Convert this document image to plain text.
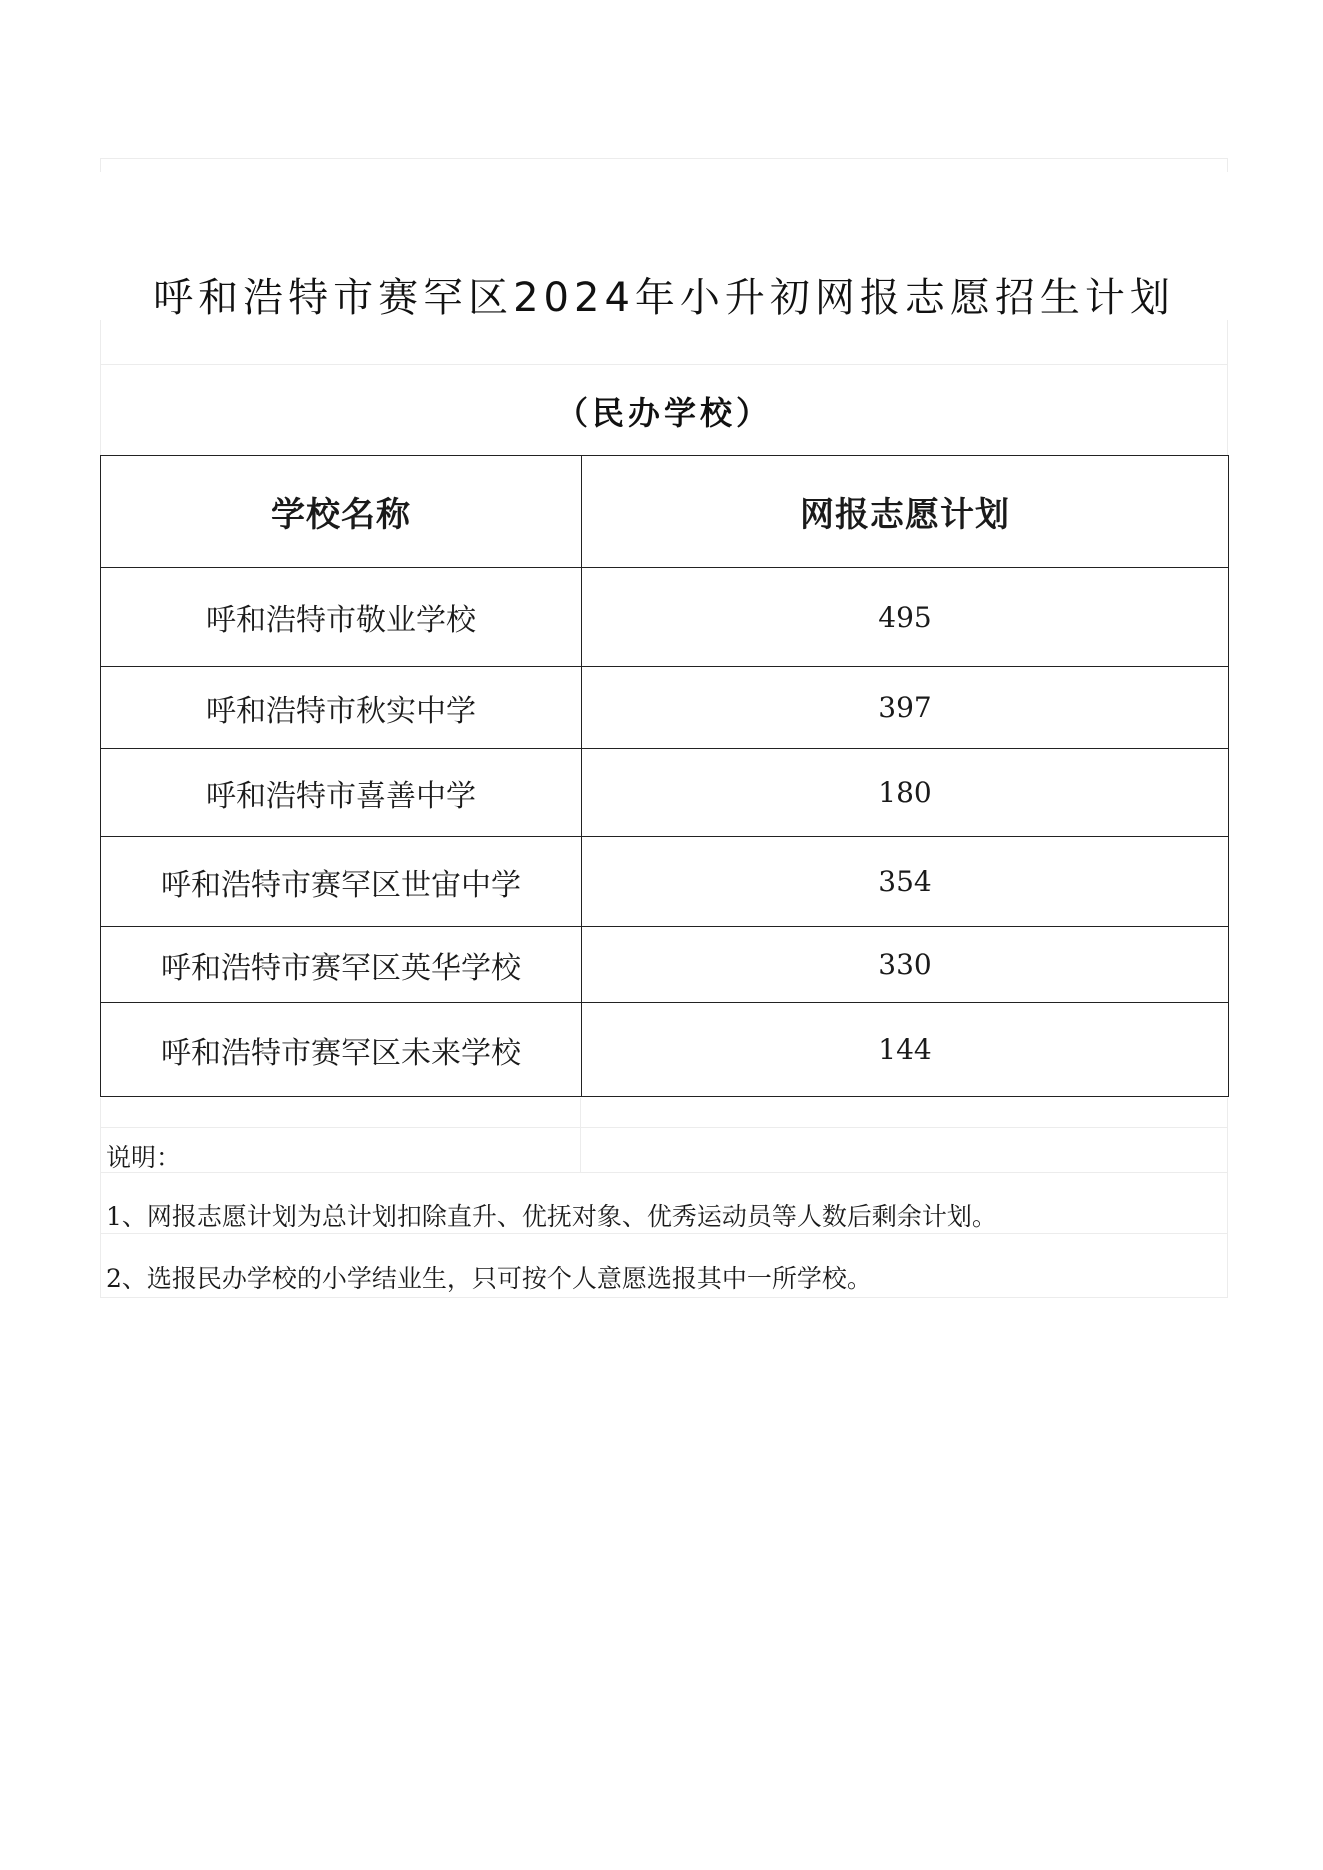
呼和浩特市赛罕区2024年小升初网报志愿招生计划
（民办学校）
学校名称	网报志愿计划
呼和浩特市敬业学校	495
呼和浩特市秋实中学	397
呼和浩特市喜善中学	180
呼和浩特市赛罕区世宙中学	354
呼和浩特市赛罕区英华学校	330
呼和浩特市赛罕区未来学校	144
说明：
1、网报志愿计划为总计划扣除直升、优抚对象、优秀运动员等人数后剩余计划。
2、选报民办学校的小学结业生，只可按个人意愿选报其中一所学校。
